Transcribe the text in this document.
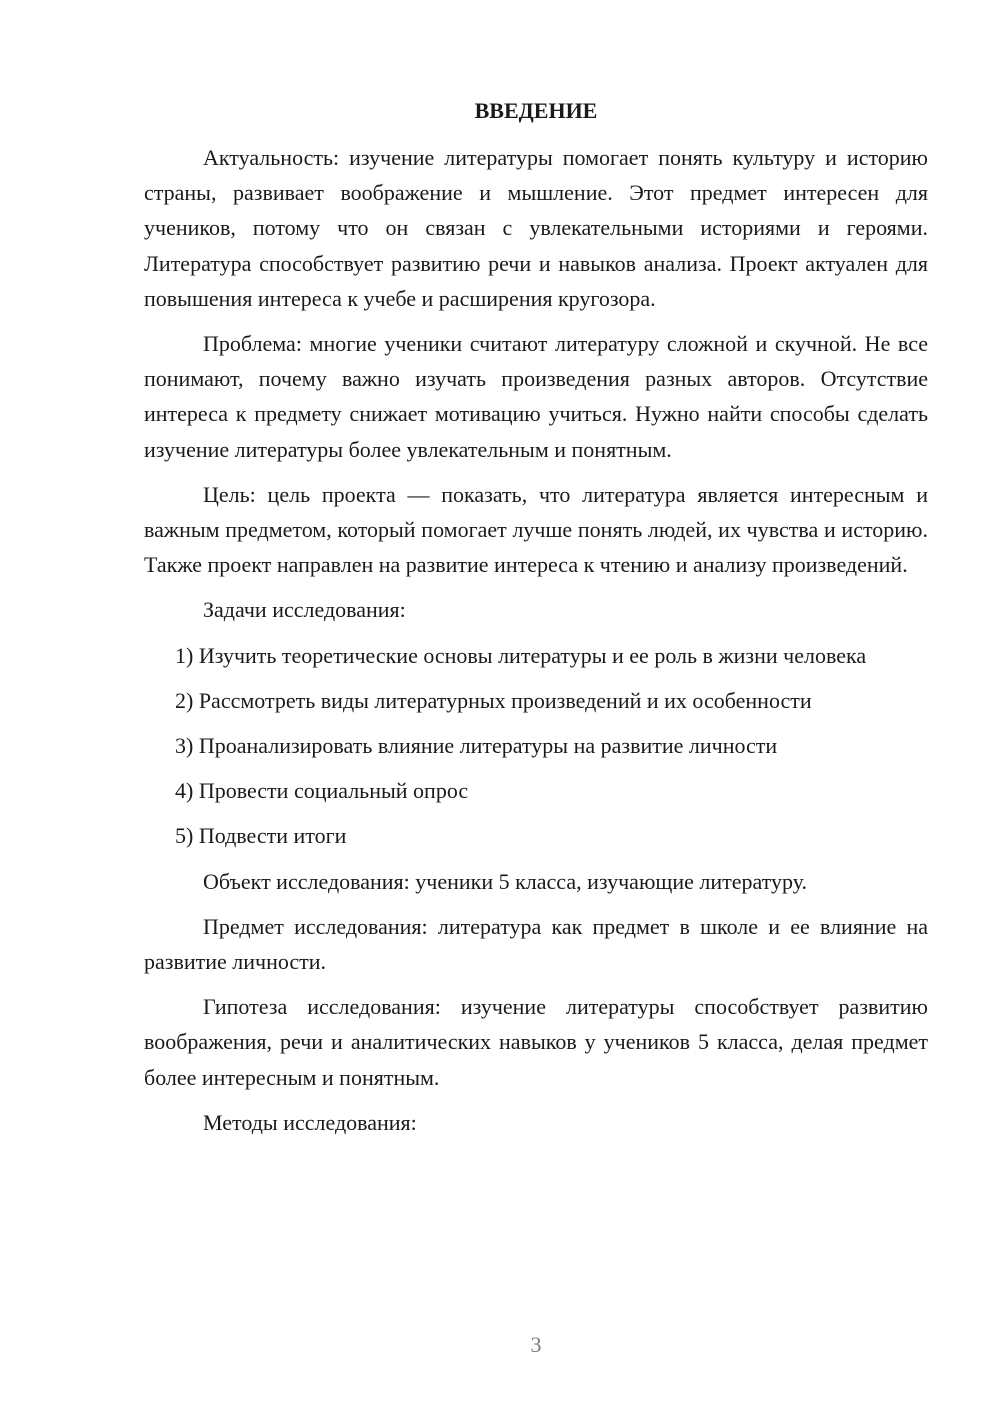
ВВЕДЕНИЕ

Актуальность: изучение литературы помогает понять культуру и историю страны, развивает воображение и мышление. Этот предмет интересен для учеников, потому что он связан с увлекательными историями и героями. Литература способствует развитию речи и навыков анализа. Проект актуален для повышения интереса к учебе и расширения кругозора.

Проблема: многие ученики считают литературу сложной и скучной. Не все понимают, почему важно изучать произведения разных авторов. Отсутствие интереса к предмету снижает мотивацию учиться. Нужно найти способы сделать изучение литературы более увлекательным и понятным.

Цель: цель проекта — показать, что литература является интересным и важным предметом, который помогает лучше понять людей, их чувства и историю. Также проект направлен на развитие интереса к чтению и анализу произведений.

Задачи исследования:

1) Изучить теоретические основы литературы и ее роль в жизни человека

2) Рассмотреть виды литературных произведений и их особенности

3) Проанализировать влияние литературы на развитие личности

4) Провести социальный опрос

5) Подвести итоги

Объект исследования: ученики 5 класса, изучающие литературу.

Предмет исследования: литература как предмет в школе и ее влияние на развитие личности.

Гипотеза исследования: изучение литературы способствует развитию воображения, речи и аналитических навыков у учеников 5 класса, делая предмет более интересным и понятным.

Методы исследования:

3
